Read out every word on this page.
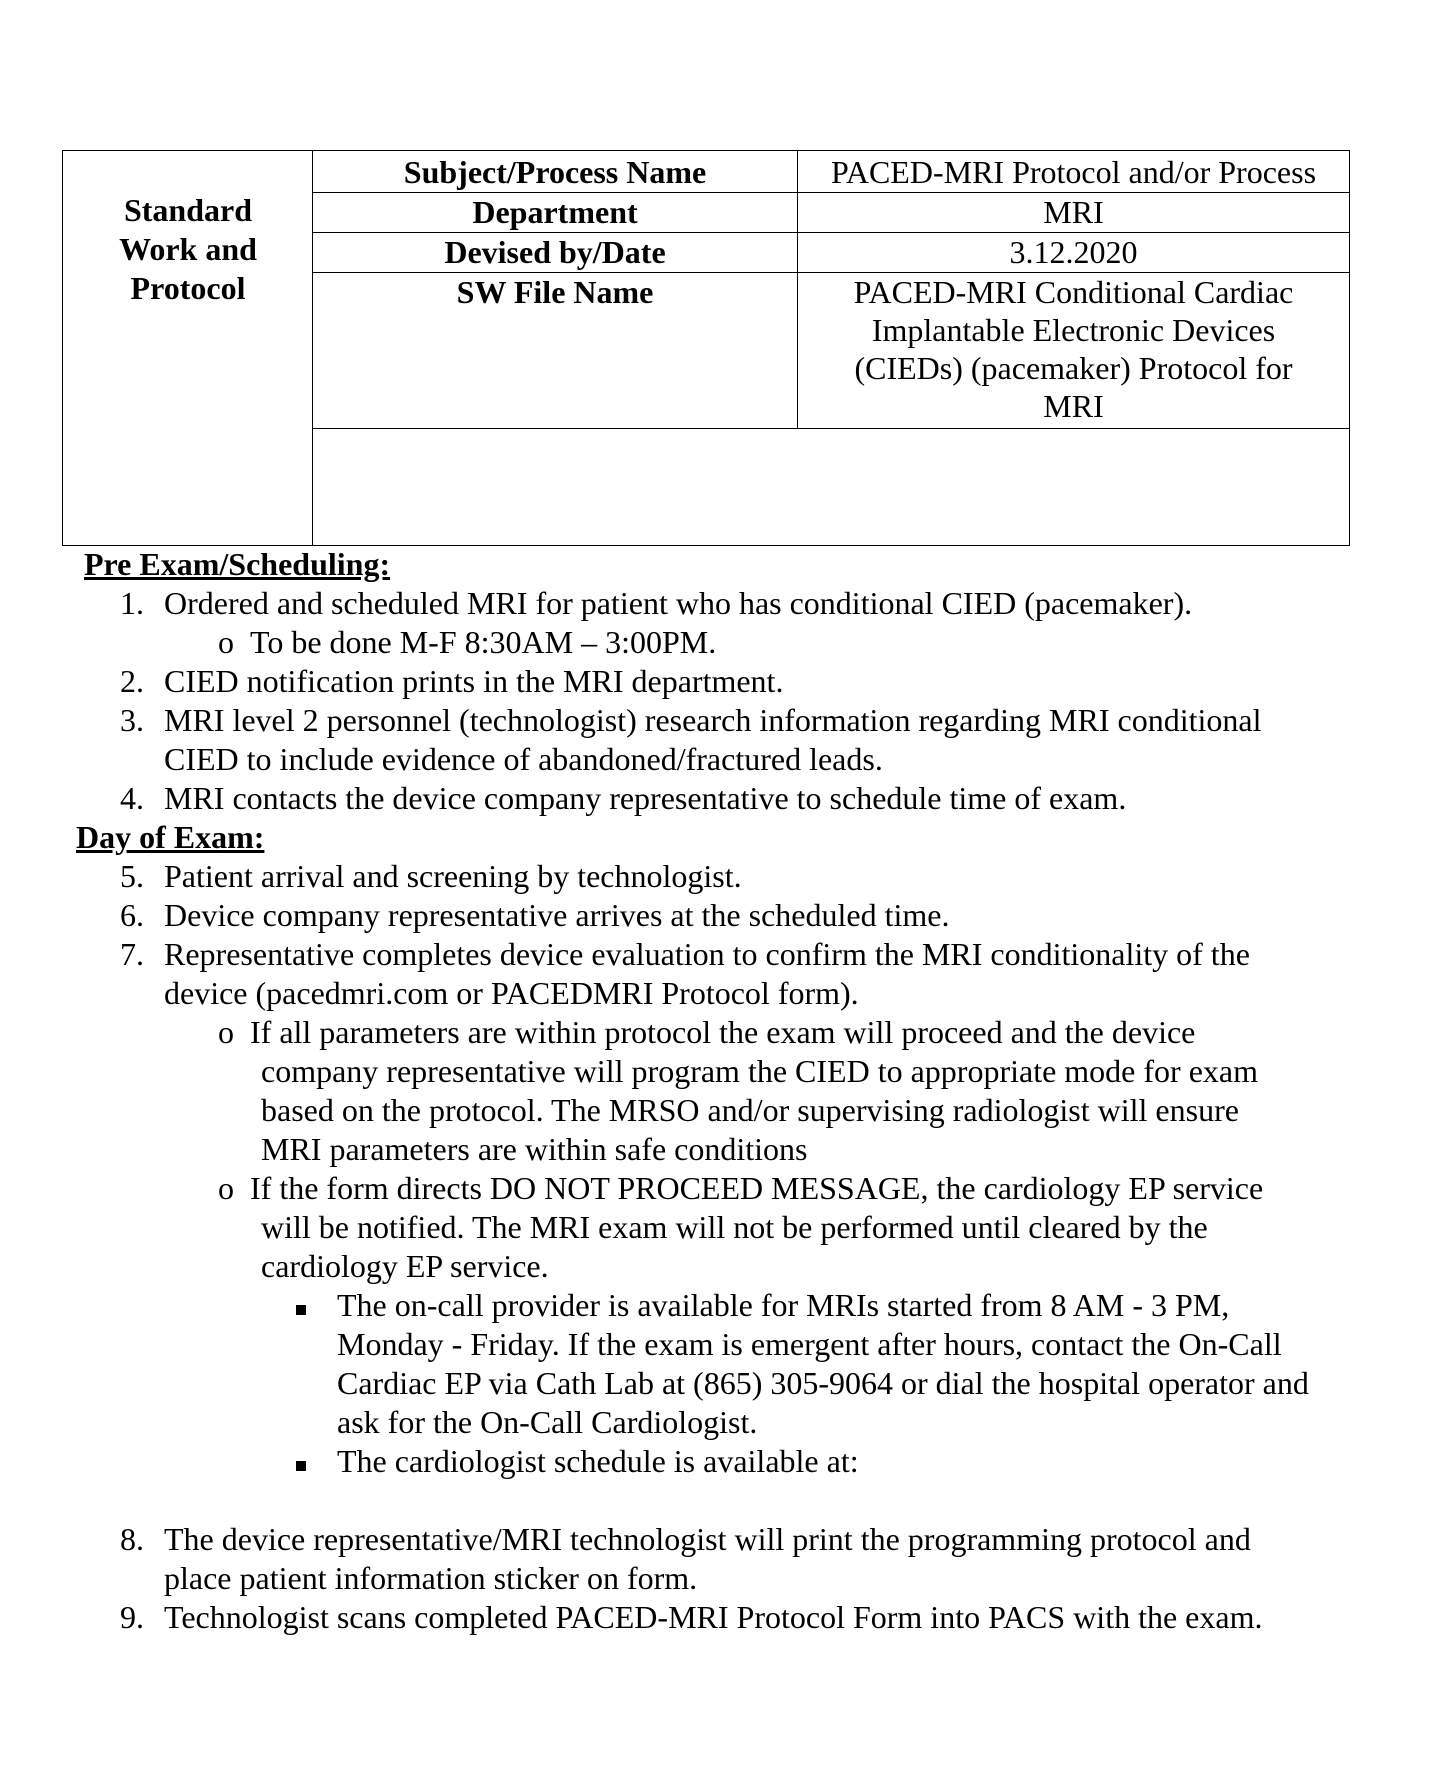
Standard
Work and
Protocol
Subject/Process Name	PACED-MRI Protocol and/or Process
Department	MRI
Devised by/Date	3.12.2020
SW File Name	PACED-MRI Conditional Cardiac
Implantable Electronic Devices
(CIEDs) (pacemaker) Protocol for
MRI
Pre Exam/Scheduling:
1. Ordered and scheduled MRI for patient who has conditional CIED (pacemaker).
o To be done M-F 8:30AM – 3:00PM.
2. CIED notification prints in the MRI department.
3. MRI level 2 personnel (technologist) research information regarding MRI conditional
CIED to include evidence of abandoned/fractured leads.
4. MRI contacts the device company representative to schedule time of exam.
Day of Exam:
5. Patient arrival and screening by technologist.
6. Device company representative arrives at the scheduled time.
7. Representative completes device evaluation to confirm the MRI conditionality of the
device (pacedmri.com or PACEDMRI Protocol form).
o If all parameters are within protocol the exam will proceed and the device
company representative will program the CIED to appropriate mode for exam
based on the protocol. The MRSO and/or supervising radiologist will ensure
MRI parameters are within safe conditions
o If the form directs DO NOT PROCEED MESSAGE, the cardiology EP service
will be notified. The MRI exam will not be performed until cleared by the
cardiology EP service.
The on-call provider is available for MRIs started from 8 AM - 3 PM,
Monday - Friday. If the exam is emergent after hours, contact the On-Call
Cardiac EP via Cath Lab at (865) 305-9064 or dial the hospital operator and
ask for the On-Call Cardiologist.
The cardiologist schedule is available at:
8. The device representative/MRI technologist will print the programming protocol and
place patient information sticker on form.
9. Technologist scans completed PACED-MRI Protocol Form into PACS with the exam.
